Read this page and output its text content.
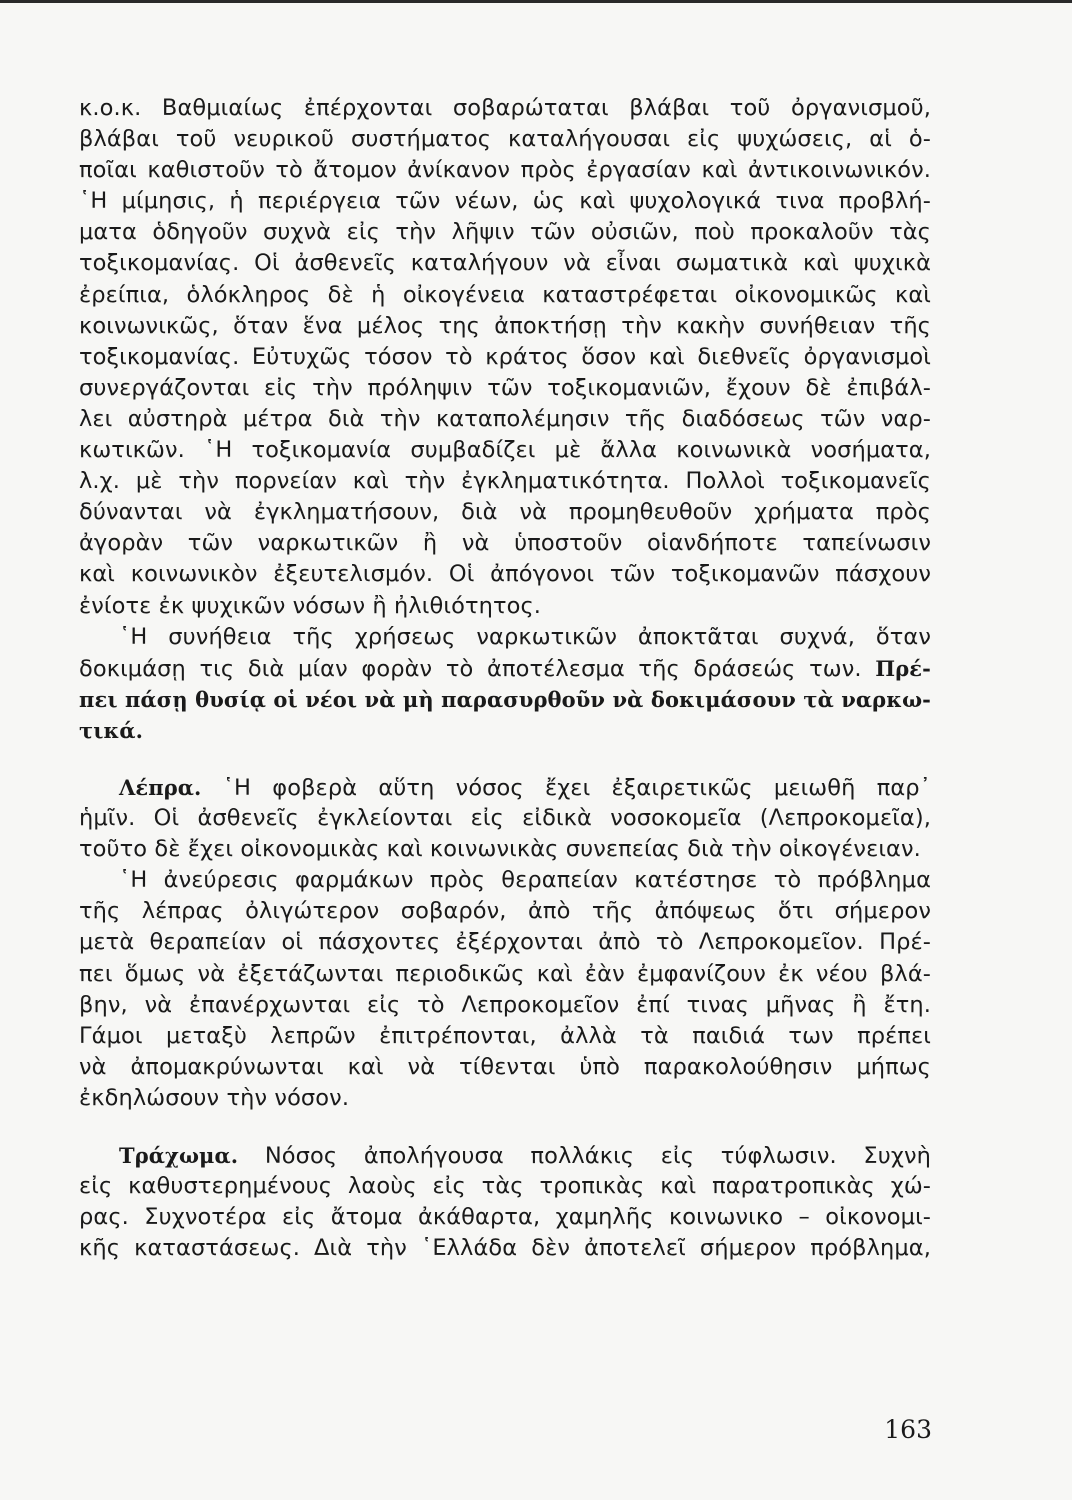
κ.ο.κ. Βαθμιαίως ἐπέρχονται σοβαρώταται βλάβαι τοῦ ὀργανισμοῦ,
βλάβαι τοῦ νευρικοῦ συστήματος καταλήγουσαι εἰς ψυχώσεις, αἱ ὁ-
ποῖαι καθιστοῦν τὸ ἄτομον ἀνίκανον πρὸς ἐργασίαν καὶ ἀντικοινωνικόν.
῾Η μίμησις, ἡ περιέργεια τῶν νέων, ὡς καὶ ψυχολογικά τινα προβλή-
ματα ὁδηγοῦν συχνὰ εἰς τὴν λῆψιν τῶν οὐσιῶν, ποὺ προκαλοῦν τὰς
τοξικομανίας. Οἱ ἀσθενεῖς καταλήγουν νὰ εἶναι σωματικὰ καὶ ψυχικὰ
ἐρείπια, ὁλόκληρος δὲ ἡ οἰκογένεια καταστρέφεται οἰκονομικῶς καὶ
κοινωνικῶς, ὅταν ἕνα μέλος της ἀποκτήσῃ τὴν κακὴν συνήθειαν τῆς
τοξικομανίας. Εὐτυχῶς τόσον τὸ κράτος ὅσον καὶ διεθνεῖς ὀργανισμοὶ
συνεργάζονται εἰς τὴν πρόληψιν τῶν τοξικομανιῶν, ἔχουν δὲ ἐπιβάλ-
λει αὐστηρὰ μέτρα διὰ τὴν καταπολέμησιν τῆς διαδόσεως τῶν ναρ-
κωτικῶν. ῾Η τοξικομανία συμβαδίζει μὲ ἄλλα κοινωνικὰ νοσήματα,
λ.χ. μὲ τὴν πορνείαν καὶ τὴν ἐγκληματικότητα. Πολλοὶ τοξικομανεῖς
δύνανται νὰ ἐγκληματήσουν, διὰ νὰ προμηθευθοῦν χρήματα πρὸς
ἀγορὰν τῶν ναρκωτικῶν ἢ νὰ ὑποστοῦν οἱανδήποτε ταπείνωσιν
καὶ κοινωνικὸν ἐξευτελισμόν. Οἱ ἀπόγονοι τῶν τοξικομανῶν πάσχουν
ἐνίοτε ἐκ ψυχικῶν νόσων ἢ ἠλιθιότητος.
῾Η συνήθεια τῆς χρήσεως ναρκωτικῶν ἀποκτᾶται συχνά, ὅταν
δοκιμάσῃ τις διὰ μίαν φορὰν τὸ ἀποτέλεσμα τῆς δράσεώς των. Πρέ-
πει πάσῃ θυσίᾳ οἱ νέοι νὰ μὴ παρασυρθοῦν νὰ δοκιμάσουν τὰ ναρκω-
τικά.
Λέπρα. ῾Η φοβερὰ αὕτη νόσος ἔχει ἐξαιρετικῶς μειωθῆ παρ᾽
ἡμῖν. Οἱ ἀσθενεῖς ἐγκλείονται εἰς εἰδικὰ νοσοκομεῖα (Λεπροκομεῖα),
τοῦτο δὲ ἔχει οἰκονομικὰς καὶ κοινωνικὰς συνεπείας διὰ τὴν οἰκογένειαν.
῾Η ἀνεύρεσις φαρμάκων πρὸς θεραπείαν κατέστησε τὸ πρόβλημα
τῆς λέπρας ὀλιγώτερον σοβαρόν, ἀπὸ τῆς ἀπόψεως ὅτι σήμερον
μετὰ θεραπείαν οἱ πάσχοντες ἐξέρχονται ἀπὸ τὸ Λεπροκομεῖον. Πρέ-
πει ὅμως νὰ ἐξετάζωνται περιοδικῶς καὶ ἐὰν ἐμφανίζουν ἐκ νέου βλά-
βην, νὰ ἐπανέρχωνται εἰς τὸ Λεπροκομεῖον ἐπί τινας μῆνας ἢ ἔτη.
Γάμοι μεταξὺ λεπρῶν ἐπιτρέπονται, ἀλλὰ τὰ παιδιά των πρέπει
νὰ ἀπομακρύνωνται καὶ νὰ τίθενται ὑπὸ παρακολούθησιν μήπως
ἐκδηλώσουν τὴν νόσον.
Τράχωμα. Νόσος ἀπολήγουσα πολλάκις εἰς τύφλωσιν. Συχνὴ
εἰς καθυστερημένους λαοὺς εἰς τὰς τροπικὰς καὶ παρατροπικὰς χώ-
ρας. Συχνοτέρα εἰς ἄτομα ἀκάθαρτα, χαμηλῆς κοινωνικο – οἰκονομι-
κῆς καταστάσεως. Διὰ τὴν ῾Ελλάδα δὲν ἀποτελεῖ σήμερον πρόβλημα,
163
